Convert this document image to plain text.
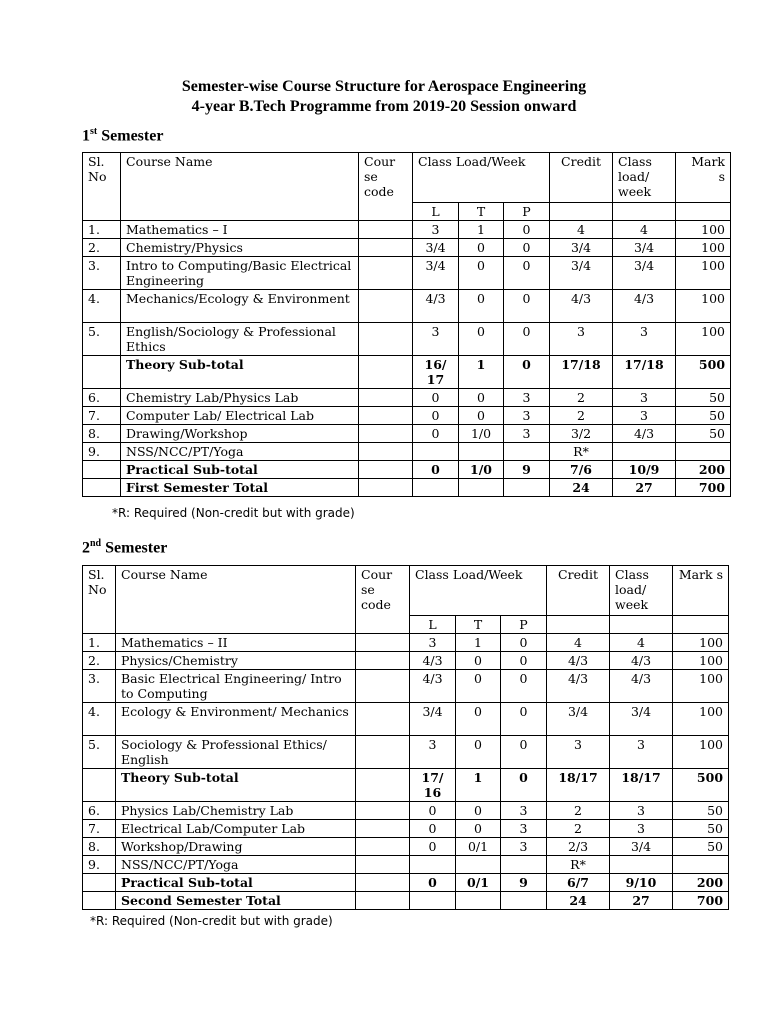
Semester-wise Course Structure for Aerospace Engineering
4-year B.Tech Programme from 2019-20 Session onward
1st Semester
Sl. No	Course Name	Cour se code	Class Load/Week			Credit	Class load/ week	Mark s
			L	T	P			
1.	Mathematics – I		3	1	0	4	4	100
2.	Chemistry/Physics		3/4	0	0	3/4	3/4	100
3.	Intro to Computing/Basic Electrical Engineering		3/4	0	0	3/4	3/4	100
4.	Mechanics/Ecology & Environment		4/3	0	0	4/3	4/3	100
5.	English/Sociology & Professional Ethics		3	0	0	3	3	100
	Theory Sub-total		16/ 17	1	0	17/18	17/18	500
6.	Chemistry Lab/Physics Lab		0	0	3	2	3	50
7.	Computer Lab/ Electrical Lab		0	0	3	2	3	50
8.	Drawing/Workshop		0	1/0	3	3/2	4/3	50
9.	NSS/NCC/PT/Yoga					R*		
	Practical Sub-total		0	1/0	9	7/6	10/9	200
	First Semester Total					24	27	700
*R: Required (Non-credit but with grade)
2nd Semester
Sl. No	Course Name	Cour se code	Class Load/Week			Credit	Class load/ week	Mark s
			L	T	P			
1.	Mathematics – II		3	1	0	4	4	100
2.	Physics/Chemistry		4/3	0	0	4/3	4/3	100
3.	Basic Electrical Engineering/ Intro to Computing		4/3	0	0	4/3	4/3	100
4.	Ecology & Environment/ Mechanics		3/4	0	0	3/4	3/4	100
5.	Sociology & Professional Ethics/ English		3	0	0	3	3	100
	Theory Sub-total		17/ 16	1	0	18/17	18/17	500
6.	Physics Lab/Chemistry Lab		0	0	3	2	3	50
7.	Electrical Lab/Computer Lab		0	0	3	2	3	50
8.	Workshop/Drawing		0	0/1	3	2/3	3/4	50
9.	NSS/NCC/PT/Yoga					R*		
	Practical Sub-total		0	0/1	9	6/7	9/10	200
	Second Semester Total					24	27	700
*R: Required (Non-credit but with grade)
